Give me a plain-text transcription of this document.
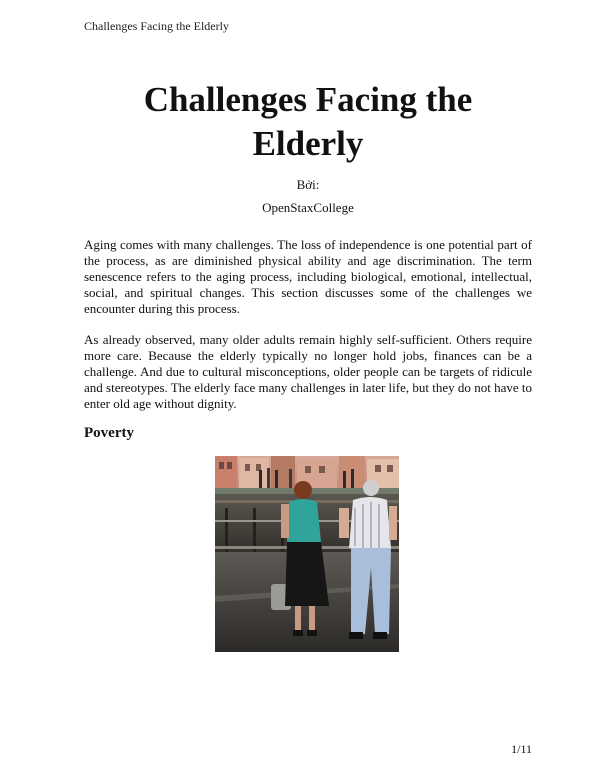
Challenges Facing the Elderly
Challenges Facing the Elderly
Bởi:
OpenStaxCollege

Aging comes with many challenges. The loss of independence is one potential part of the process, as are diminished physical ability and age discrimination. The term senescence refers to the aging process, including biological, emotional, intellectual, social, and spiritual changes. This section discusses some of the challenges we encounter during this process.

As already observed, many older adults remain highly self-sufficient. Others require more care. Because the elderly typically no longer hold jobs, finances can be a challenge. And due to cultural misconceptions, older people can be targets of ridicule and stereotypes. The elderly face many challenges in later life, but they do not have to enter old age without dignity.

Poverty
1/11
